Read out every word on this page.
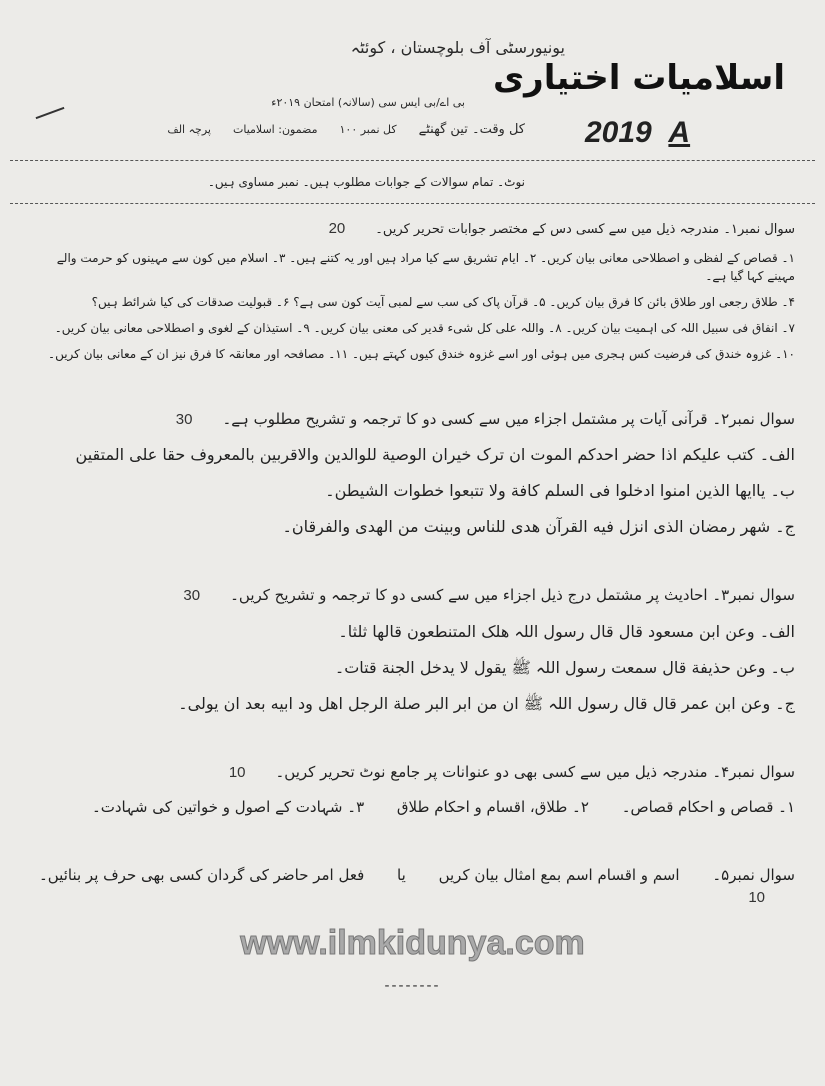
یونیورسٹی آف بلوچستان ، کوئٹہ
اسلامیات اختیاری
بی اے/بی ایس سی (سالانہ) امتحان ۲۰۱۹ء
کل وقت۔ تین گھنٹے
کل نمبر ۱۰۰
مضمون: اسلامیات
پرچہ الف	2019 A
نوٹ۔ تمام سوالات کے جوابات مطلوب ہیں۔ نمبر مساوی ہیں۔
سوال نمبر۱۔ مندرجہ ذیل میں سے کسی دس کے مختصر جوابات تحریر کریں۔20
۱۔ قصاص کے لفظی و اصطلاحی معانی بیان کریں۔ ۲۔ ایام تشریق سے کیا مراد ہیں اور یہ کتنے ہیں۔ ۳۔ اسلام میں کون سے مہینوں کو حرمت والے مہینے کہا گیا ہے۔
۴۔ طلاق رجعی اور طلاق بائن کا فرق بیان کریں۔ ۵۔ قرآن پاک کی سب سے لمبی آیت کون سی ہے؟ ۶۔ قبولیت صدقات کی کیا شرائط ہیں؟
۷۔ انفاق فی سبیل اللہ کی اہمیت بیان کریں۔ ۸۔ واللہ علی کل شیء قدیر کی معنی بیان کریں۔ ۹۔ استیذان کے لغوی و اصطلاحی معانی بیان کریں۔
۱۰۔ غزوہ خندق کی فرضیت کس ہجری میں ہوئی اور اسے غزوہ خندق کیوں کہتے ہیں۔ ۱۱۔ مصافحہ اور معانقہ کا فرق نیز ان کے معانی بیان کریں۔
سوال نمبر۲۔ قرآنی آیات پر مشتمل اجزاء میں سے کسی دو کا ترجمہ و تشریح مطلوب ہے۔30
الف۔ کتب علیکم اذا حضر احدکم الموت ان ترک خیران الوصیة للوالدین والاقربین بالمعروف حقا علی المتقین
ب۔ یاایھا الذین امنوا ادخلوا فی السلم کافة ولا تتبعوا خطوات الشیطن۔
ج۔ شھر رمضان الذی انزل فیه القرآن ھدی للناس وبینت من الھدی والفرقان۔
سوال نمبر۳۔ احادیث پر مشتمل درج ذیل اجزاء میں سے کسی دو کا ترجمہ و تشریح کریں۔30
الف۔ وعن ابن مسعود قال قال رسول اللہ ھلک المتنطعون قالھا ثلثا۔
ب۔ وعن حذیفة قال سمعت رسول اللہ ﷺ یقول لا یدخل الجنة قتات۔
ج۔ وعن ابن عمر قال قال رسول اللہ ﷺ ان من ابر البر صلة الرجل اھل ود ابیه بعد ان یولی۔
سوال نمبر۴۔ مندرجہ ذیل میں سے کسی بھی دو عنوانات پر جامع نوٹ تحریر کریں۔10
۱۔ قصاص و احکام قصاص۔ ۲۔ طلاق، اقسام و احکام طلاق ۳۔ شہادت کے اصول و خواتین کی شہادت۔
سوال نمبر۵۔ اسم و اقسام اسم بمع امثال بیان کریں یا فعل امر حاضر کی گردان کسی بھی حرف پر بنائیں۔ 10
www.ilmkidunya.com
--------
